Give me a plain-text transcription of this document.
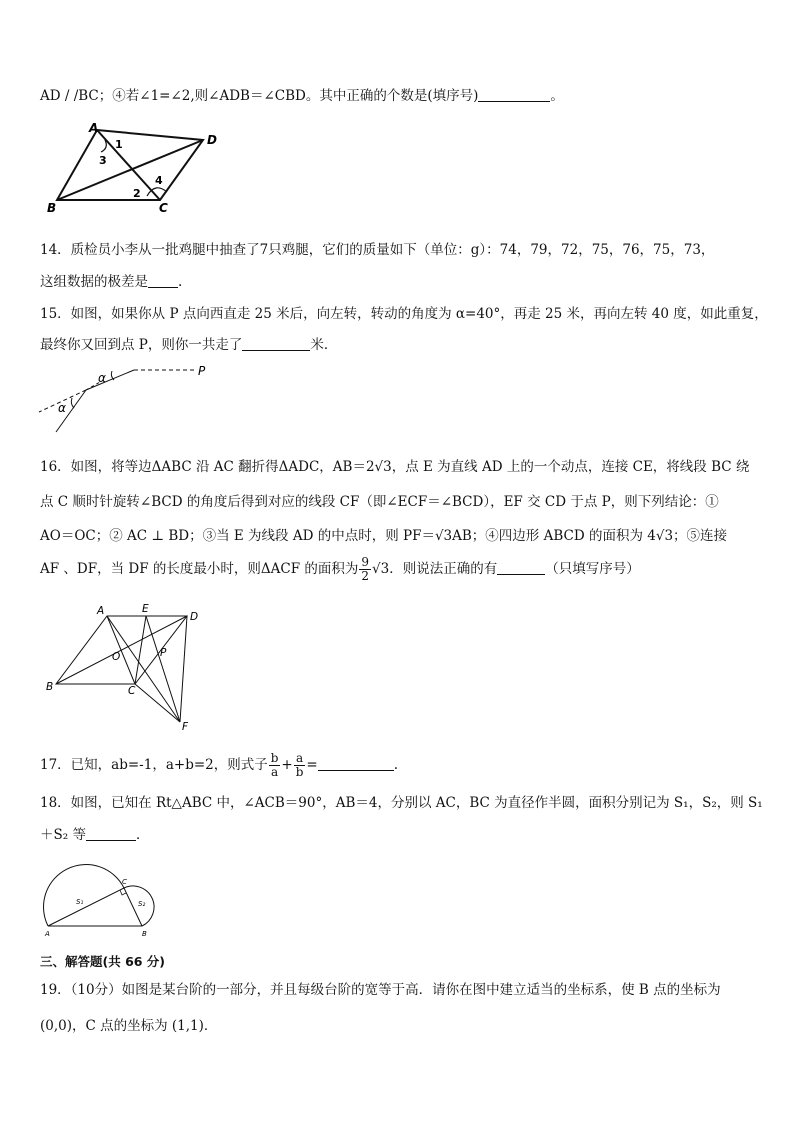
AD / /BC；④若∠1=∠2,则∠ADB＝∠CBD。其中正确的个数是(填序号)	。
A
D
B	C
1
3
2
4
14．质检员小李从一批鸡腿中抽查了7只鸡腿，它们的质量如下（单位：g）：74，79，72，75，76，75，73，
这组数据的极差是 .
15．如图，如果你从 P 点向西直走 25 米后，向左转，转动的角度为 α=40°，再走 25 米，再向左转 40 度，如此重复，
最终你又回到点 P，则你一共走了	米．
P
α
α
16．如图，将等边ΔABC 沿 AC 翻折得ΔADC，AB＝2√3，点 E 为直线 AD 上的一个动点，连接 CE，将线段 BC 绕
点 C 顺时针旋转∠BCD 的角度后得到对应的线段 CF（即∠ECF＝∠BCD），EF 交 CD 于点 P，则下列结论：①
AO＝OC；② AC ⊥ BD；③当 E 为线段 AD 的中点时，则 PF＝√3AB；④四边形 ABCD 的面积为 4√3；⑤连接
AF 、DF，当 DF 的长度最小时，则ΔACF 的面积为 $\frac{9}{2} √3$．则说法正确的有	（只填写序号）
A	E
D
B	C
O	P
F
17．已知，ab=-1，a+b=2，则式子 $\frac{b}{a} + \frac{a}{b}$ =	.
18．如图，已知在 Rt△ABC 中，∠ACB＝90°，AB＝4，分别以 AC，BC 为直径作半圆，面积分别记为 S₁，S₂，则 S₁
＋S₂ 等	．
A	B
C
S₁	S₂
三、解答题(共 66 分)
19．（10分）如图是某台阶的一部分，并且每级台阶的宽等于高．请你在图中建立适当的坐标系，使 B 点的坐标为
(0,0)，C 点的坐标为 (1,1)．
